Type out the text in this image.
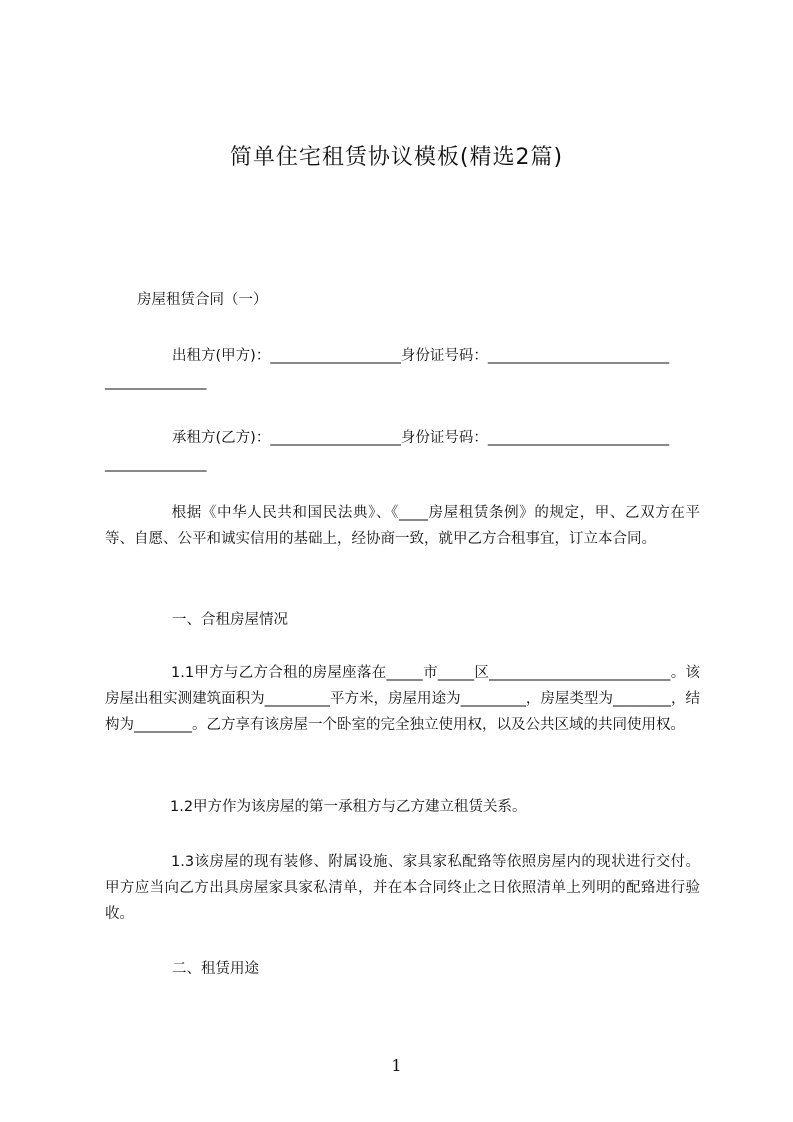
简单住宅租赁协议模板(精选2篇)
房屋租赁合同（一）
出租方(甲方)：__________________身份证号码：_________________________
______________
承租方(乙方)：__________________身份证号码：_________________________
______________
根据《中华人民共和国民法典》、《____房屋租赁条例》的规定，甲、乙双方在平等、自愿、公平和诚实信用的基础上，经协商一致，就甲乙方合租事宜，订立本合同。
一、合租房屋情况
1.1甲方与乙方合租的房屋座落在_____市_____区_________________________。该房屋出租实测建筑面积为_________平方米，房屋用途为_________，房屋类型为________，结构为________。乙方享有该房屋一个卧室的完全独立使用权，以及公共区域的共同使用权。
1.2甲方作为该房屋的第一承租方与乙方建立租赁关系。
1.3该房屋的现有装修、附属设施、家具家私配臵等依照房屋内的现状进行交付。甲方应当向乙方出具房屋家具家私清单，并在本合同终止之日依照清单上列明的配臵进行验收。
二、租赁用途
1
